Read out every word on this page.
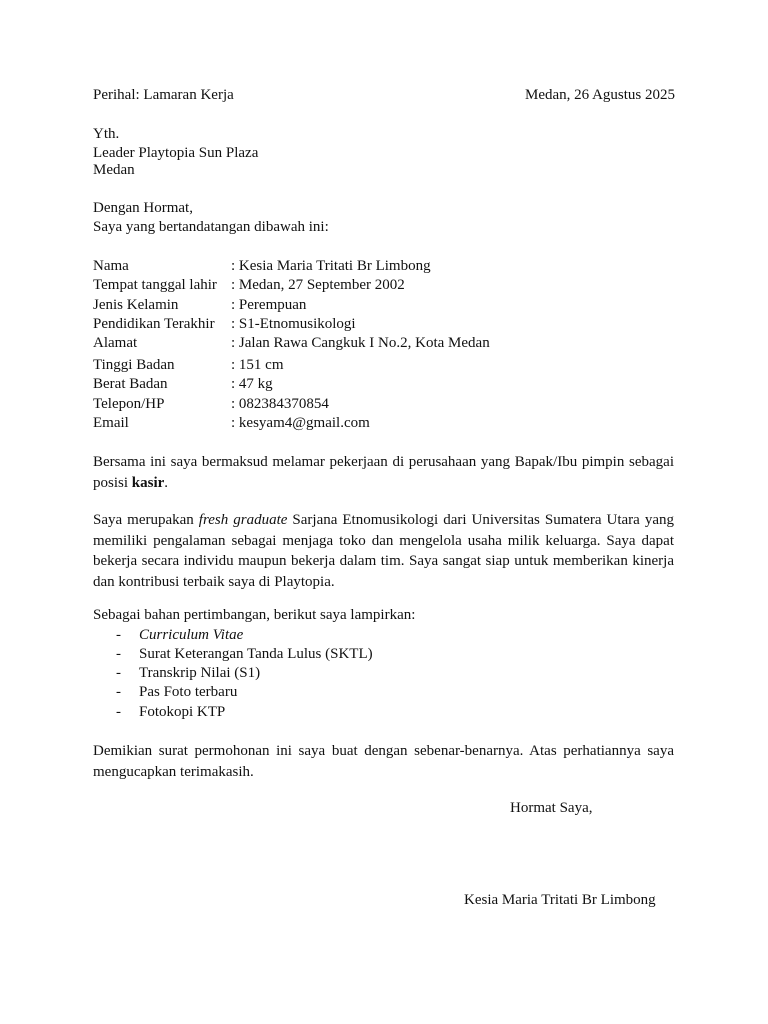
Perihal: Lamaran Kerja	Medan, 26 Agustus 2025
Yth.
Leader Playtopia Sun Plaza
Medan
Dengan Hormat,
Saya yang bertandatangan dibawah ini:
Nama	: Kesia Maria Tritati Br Limbong
Tempat tanggal lahir : Medan, 27 September 2002
Jenis Kelamin	: Perempuan
Pendidikan Terakhir : S1-Etnomusikologi
Alamat	: Jalan Rawa Cangkuk I No.2, Kota Medan
Tinggi Badan	: 151 cm
Berat Badan	: 47 kg
Telepon/HP	: 082384370854
Email	: kesyam4@gmail.com
Bersama ini saya bermaksud melamar pekerjaan di perusahaan yang Bapak/Ibu pimpin sebagai posisi kasir.
Saya merupakan fresh graduate Sarjana Etnomusikologi dari Universitas Sumatera Utara yang memiliki pengalaman sebagai menjaga toko dan mengelola usaha milik keluarga. Saya dapat bekerja secara individu maupun bekerja dalam tim. Saya sangat siap untuk memberikan kinerja dan kontribusi terbaik saya di Playtopia.
Sebagai bahan pertimbangan, berikut saya lampirkan:
- Curriculum Vitae
- Surat Keterangan Tanda Lulus (SKTL)
- Transkrip Nilai (S1)
- Pas Foto terbaru
- Fotokopi KTP
Demikian surat permohonan ini saya buat dengan sebenar-benarnya. Atas perhatiannya saya mengucapkan terimakasih.
Hormat Saya,
Kesia Maria Tritati Br Limbong
